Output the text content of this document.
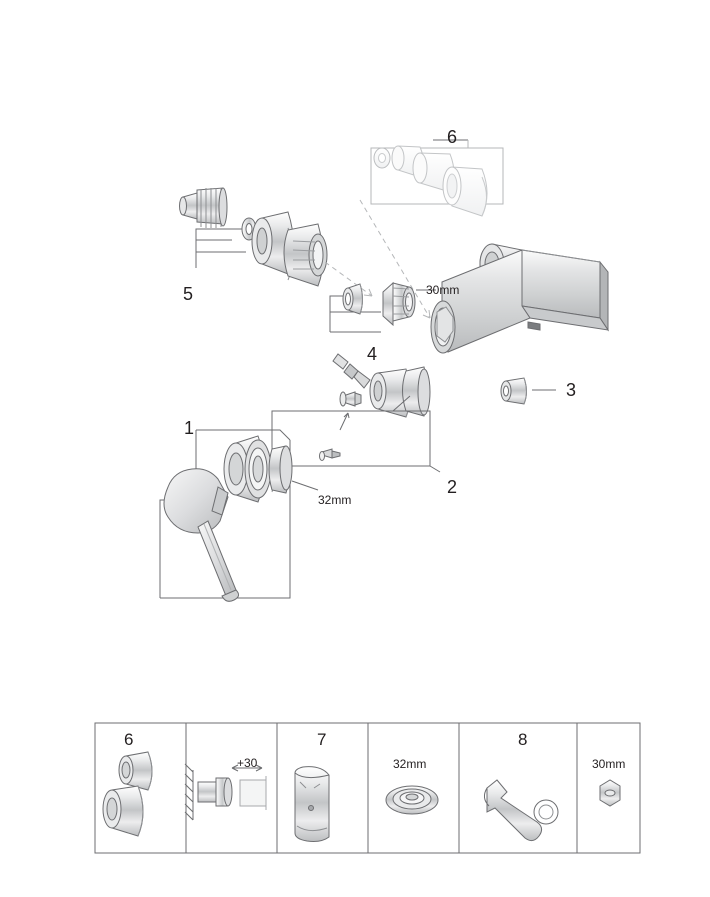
1
2
3
4
5
6
30mm
32mm
6
+30
7
32mm
8
30mm
